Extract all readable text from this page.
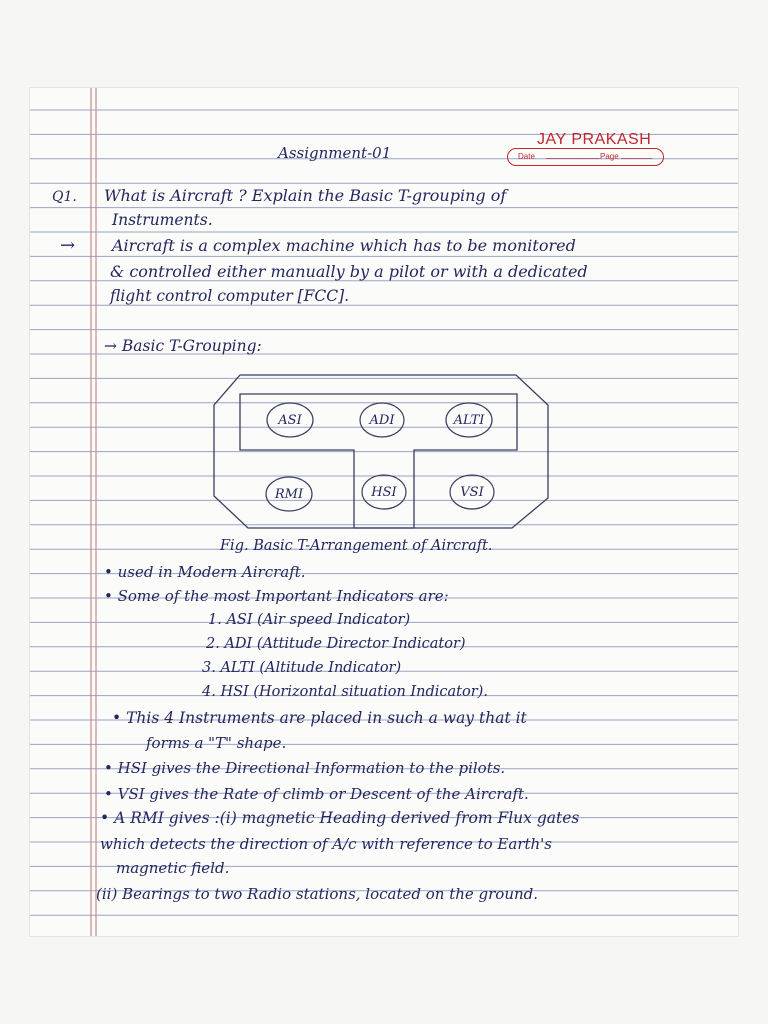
JAY PRAKASH
Date ____________ Page _______
Assignment-01
Q1. What is Aircraft ? Explain the Basic T-grouping of
Instruments.
→ Aircraft is a complex machine which has to be monitored
& controlled either manually by a pilot or with a dedicated
flight control computer [FCC].
→ Basic T-Grouping:
ASI	ADI	ALTI
RMI	HSI	VSI
Fig. Basic T-Arrangement of Aircraft.
• used in Modern Aircraft.
• Some of the most Important Indicators are:
1. ASI (Air speed Indicator)
2. ADI (Attitude Director Indicator)
3. ALTI (Altitude Indicator)
4. HSI (Horizontal situation Indicator).
• This 4 Instruments are placed in such a way that it
forms a "T" shape.
• HSI gives the Directional Information to the pilots.
• VSI gives the Rate of climb or Descent of the Aircraft.
• A RMI gives :(i) magnetic Heading derived from Flux gates
which detects the direction of A/c with reference to Earth's
magnetic field.
(ii) Bearings to two Radio stations, located on the ground.
